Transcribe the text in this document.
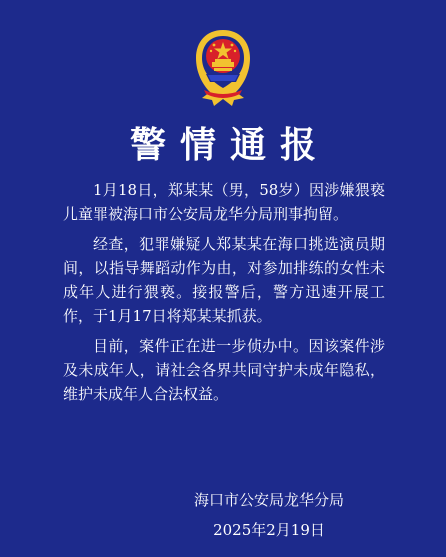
警情通报

1月18日，郑某某（男，58岁）因涉嫌猥亵儿童罪被海口市公安局龙华分局刑事拘留。

经查，犯罪嫌疑人郑某某在海口挑选演员期间，以指导舞蹈动作为由，对参加排练的女性未成年人进行猥亵。接报警后，警方迅速开展工作，于1月17日将郑某某抓获。

目前，案件正在进一步侦办中。因该案件涉及未成年人，请社会各界共同守护未成年隐私，维护未成年人合法权益。

海口市公安局龙华分局
2025年2月19日
